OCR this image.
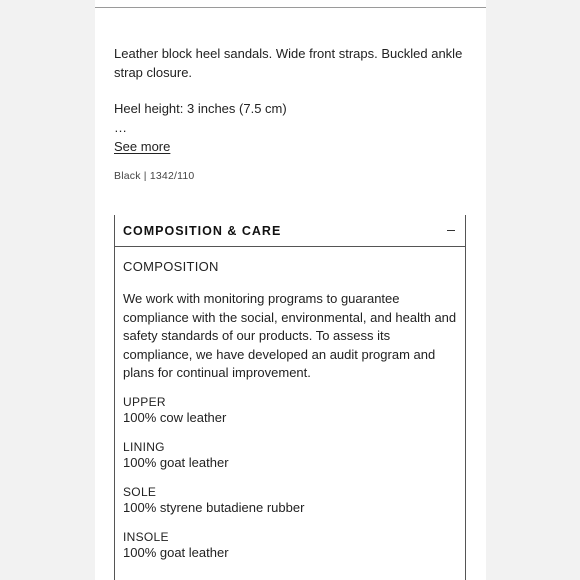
Leather block heel sandals. Wide front straps. Buckled ankle strap closure.

Heel height: 3 inches (7.5 cm)

…

See more
Black | 1342/110
COMPOSITION & CARE
COMPOSITION

We work with monitoring programs to guarantee compliance with the social, environmental, and health and safety standards of our products. To assess its compliance, we have developed an audit program and plans for continual improvement.

UPPER
100% cow leather
LINING
100% goat leather
SOLE
100% styrene butadiene rubber
INSOLE
100% goat leather
